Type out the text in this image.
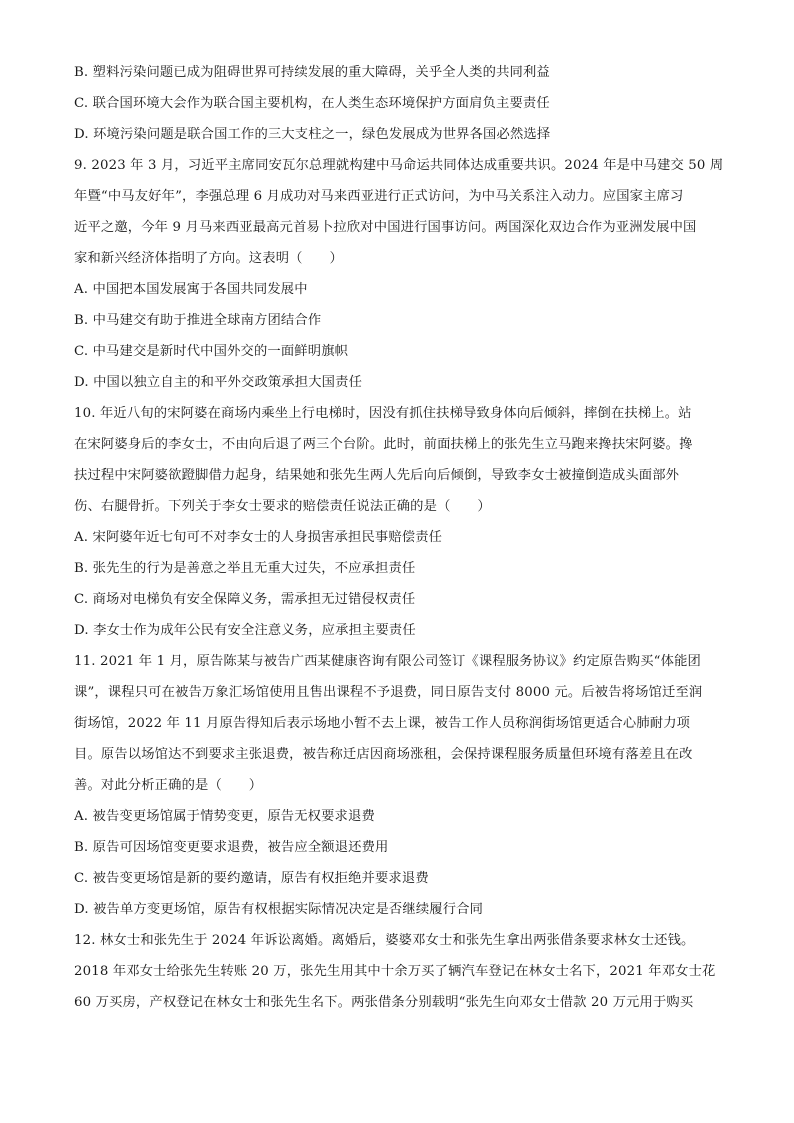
B. 塑料污染问题已成为阻碍世界可持续发展的重大障碍，关乎全人类的共同利益
C. 联合国环境大会作为联合国主要机构，在人类生态环境保护方面肩负主要责任
D. 环境污染问题是联合国工作的三大支柱之一，绿色发展成为世界各国必然选择
9. 2023 年 3 月，习近平主席同安瓦尔总理就构建中马命运共同体达成重要共识。2024 年是中马建交 50 周
年暨“中马友好年”，李强总理 6 月成功对马来西亚进行正式访问，为中马关系注入动力。应国家主席习
近平之邀，今年 9 月马来西亚最高元首易卜拉欣对中国进行国事访问。两国深化双边合作为亚洲发展中国
家和新兴经济体指明了方向。这表明（　　）
A. 中国把本国发展寓于各国共同发展中
B. 中马建交有助于推进全球南方团结合作
C. 中马建交是新时代中国外交的一面鲜明旗帜
D. 中国以独立自主的和平外交政策承担大国责任
10. 年近八旬的宋阿婆在商场内乘坐上行电梯时，因没有抓住扶梯导致身体向后倾斜，摔倒在扶梯上。站
在宋阿婆身后的李女士，不由向后退了两三个台阶。此时，前面扶梯上的张先生立马跑来搀扶宋阿婆。搀
扶过程中宋阿婆欲蹬脚借力起身，结果她和张先生两人先后向后倾倒，导致李女士被撞倒造成头面部外
伤、右腿骨折。下列关于李女士要求的赔偿责任说法正确的是（　　）
A. 宋阿婆年近七旬可不对李女士的人身损害承担民事赔偿责任
B. 张先生的行为是善意之举且无重大过失，不应承担责任
C. 商场对电梯负有安全保障义务，需承担无过错侵权责任
D. 李女士作为成年公民有安全注意义务，应承担主要责任
11. 2021 年 1 月，原告陈某与被告广西某健康咨询有限公司签订《课程服务协议》约定原告购买“体能团
课”，课程只可在被告万象汇场馆使用且售出课程不予退费，同日原告支付 8000 元。后被告将场馆迁至润
街场馆，2022 年 11 月原告得知后表示场地小暂不去上课，被告工作人员称润街场馆更适合心肺耐力项
目。原告以场馆达不到要求主张退费，被告称迁店因商场涨租，会保持课程服务质量但环境有落差且在改
善。对此分析正确的是（　　）
A. 被告变更场馆属于情势变更，原告无权要求退费
B. 原告可因场馆变更要求退费，被告应全额退还费用
C. 被告变更场馆是新的要约邀请，原告有权拒绝并要求退费
D. 被告单方变更场馆，原告有权根据实际情况决定是否继续履行合同
12. 林女士和张先生于 2024 年诉讼离婚。离婚后，婆婆邓女士和张先生拿出两张借条要求林女士还钱。
2018 年邓女士给张先生转账 20 万，张先生用其中十余万买了辆汽车登记在林女士名下，2021 年邓女士花
60 万买房，产权登记在林女士和张先生名下。两张借条分别载明“张先生向邓女士借款 20 万元用于购买
